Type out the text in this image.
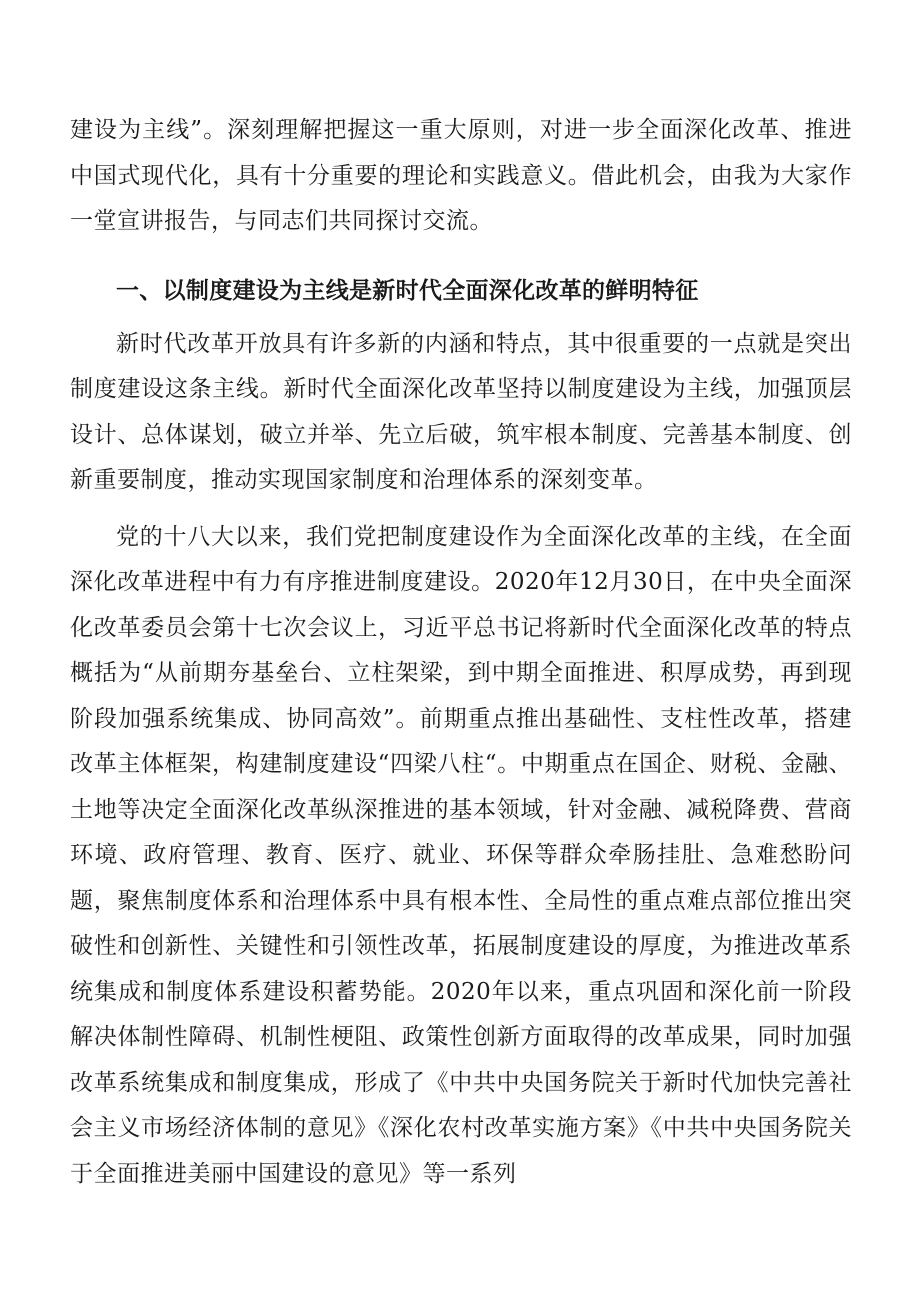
建设为主线”。深刻理解把握这一重大原则，对进一步全面深化改革、推进中国式现代化，具有十分重要的理论和实践意义。借此机会，由我为大家作一堂宣讲报告，与同志们共同探讨交流。

一、以制度建设为主线是新时代全面深化改革的鲜明特征

新时代改革开放具有许多新的内涵和特点，其中很重要的一点就是突出制度建设这条主线。新时代全面深化改革坚持以制度建设为主线，加强顶层设计、总体谋划，破立并举、先立后破，筑牢根本制度、完善基本制度、创新重要制度，推动实现国家制度和治理体系的深刻变革。

党的十八大以来，我们党把制度建设作为全面深化改革的主线，在全面深化改革进程中有力有序推进制度建设。2020年12月30日，在中央全面深化改革委员会第十七次会议上，习近平总书记将新时代全面深化改革的特点概括为“从前期夯基垒台、立柱架梁，到中期全面推进、积厚成势，再到现阶段加强系统集成、协同高效”。前期重点推出基础性、支柱性改革，搭建改革主体框架，构建制度建设“四梁八柱“。中期重点在国企、财税、金融、土地等决定全面深化改革纵深推进的基本领域，针对金融、减税降费、营商环境、政府管理、教育、医疗、就业、环保等群众牵肠挂肚、急难愁盼问题，聚焦制度体系和治理体系中具有根本性、全局性的重点难点部位推出突破性和创新性、关键性和引领性改革，拓展制度建设的厚度，为推进改革系统集成和制度体系建设积蓄势能。2020年以来，重点巩固和深化前一阶段解决体制性障碍、机制性梗阻、政策性创新方面取得的改革成果，同时加强改革系统集成和制度集成，形成了《中共中央国务院关于新时代加快完善社会主义市场经济体制的意见》《深化农村改革实施方案》《中共中央国务院关于全面推进美丽中国建设的意见》等一系列
